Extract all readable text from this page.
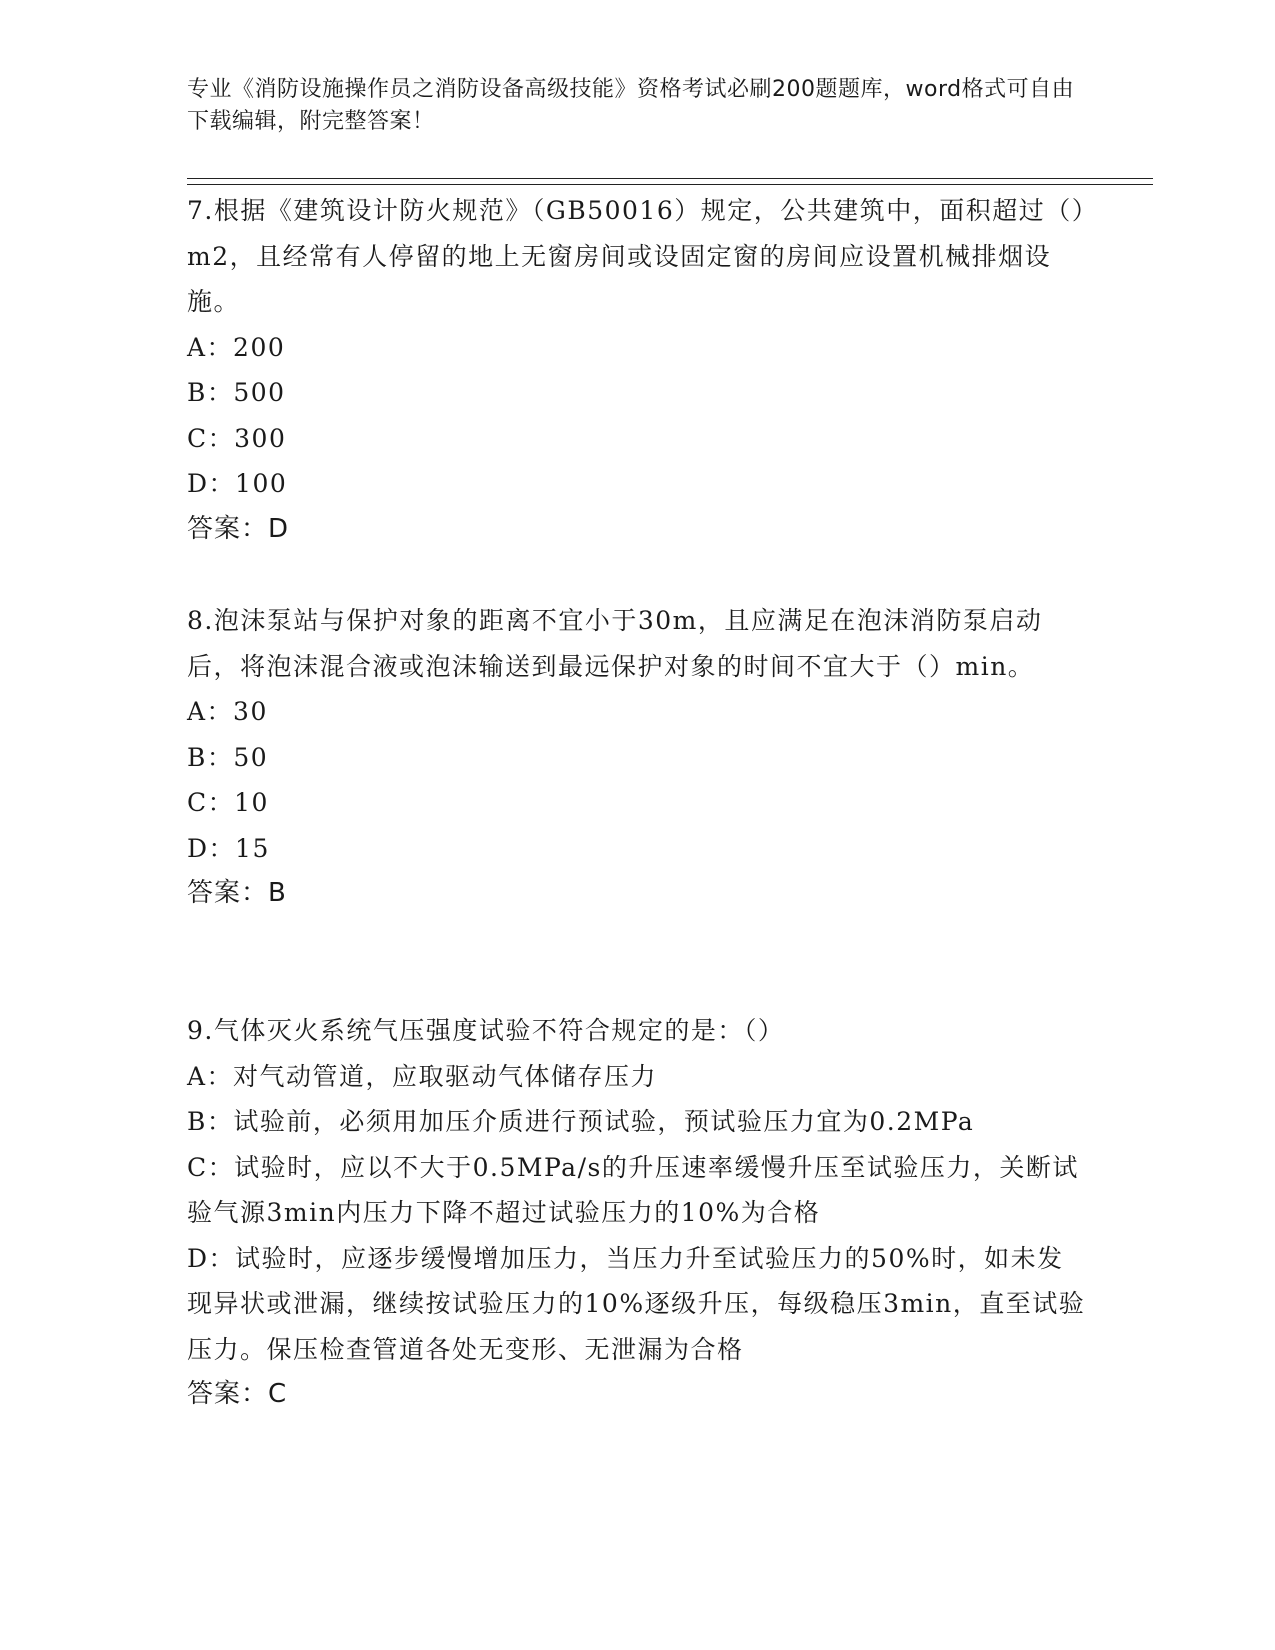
专业《消防设施操作员之消防设备高级技能》资格考试必刷200题题库，word格式可自由下载编辑，附完整答案！

7.根据《建筑设计防火规范》（GB50016）规定，公共建筑中，面积超过（）m2，且经常有人停留的地上无窗房间或设固定窗的房间应设置机械排烟设施。

A：200

B：500

C：300

D：100

答案：D

8.泡沫泵站与保护对象的距离不宜小于30m，且应满足在泡沫消防泵启动后，将泡沫混合液或泡沫输送到最远保护对象的时间不宜大于（）min。

A：30

B：50

C：10

D：15

答案：B

9.气体灭火系统气压强度试验不符合规定的是：（）

A：对气动管道，应取驱动气体储存压力

B：试验前，必须用加压介质进行预试验，预试验压力宜为0.2MPa

C：试验时，应以不大于0.5MPa/s的升压速率缓慢升压至试验压力，关断试验气源3min内压力下降不超过试验压力的10%为合格

D：试验时，应逐步缓慢增加压力，当压力升至试验压力的50%时，如未发现异状或泄漏，继续按试验压力的10%逐级升压，每级稳压3min，直至试验压力。保压检查管道各处无变形、无泄漏为合格

答案：C
